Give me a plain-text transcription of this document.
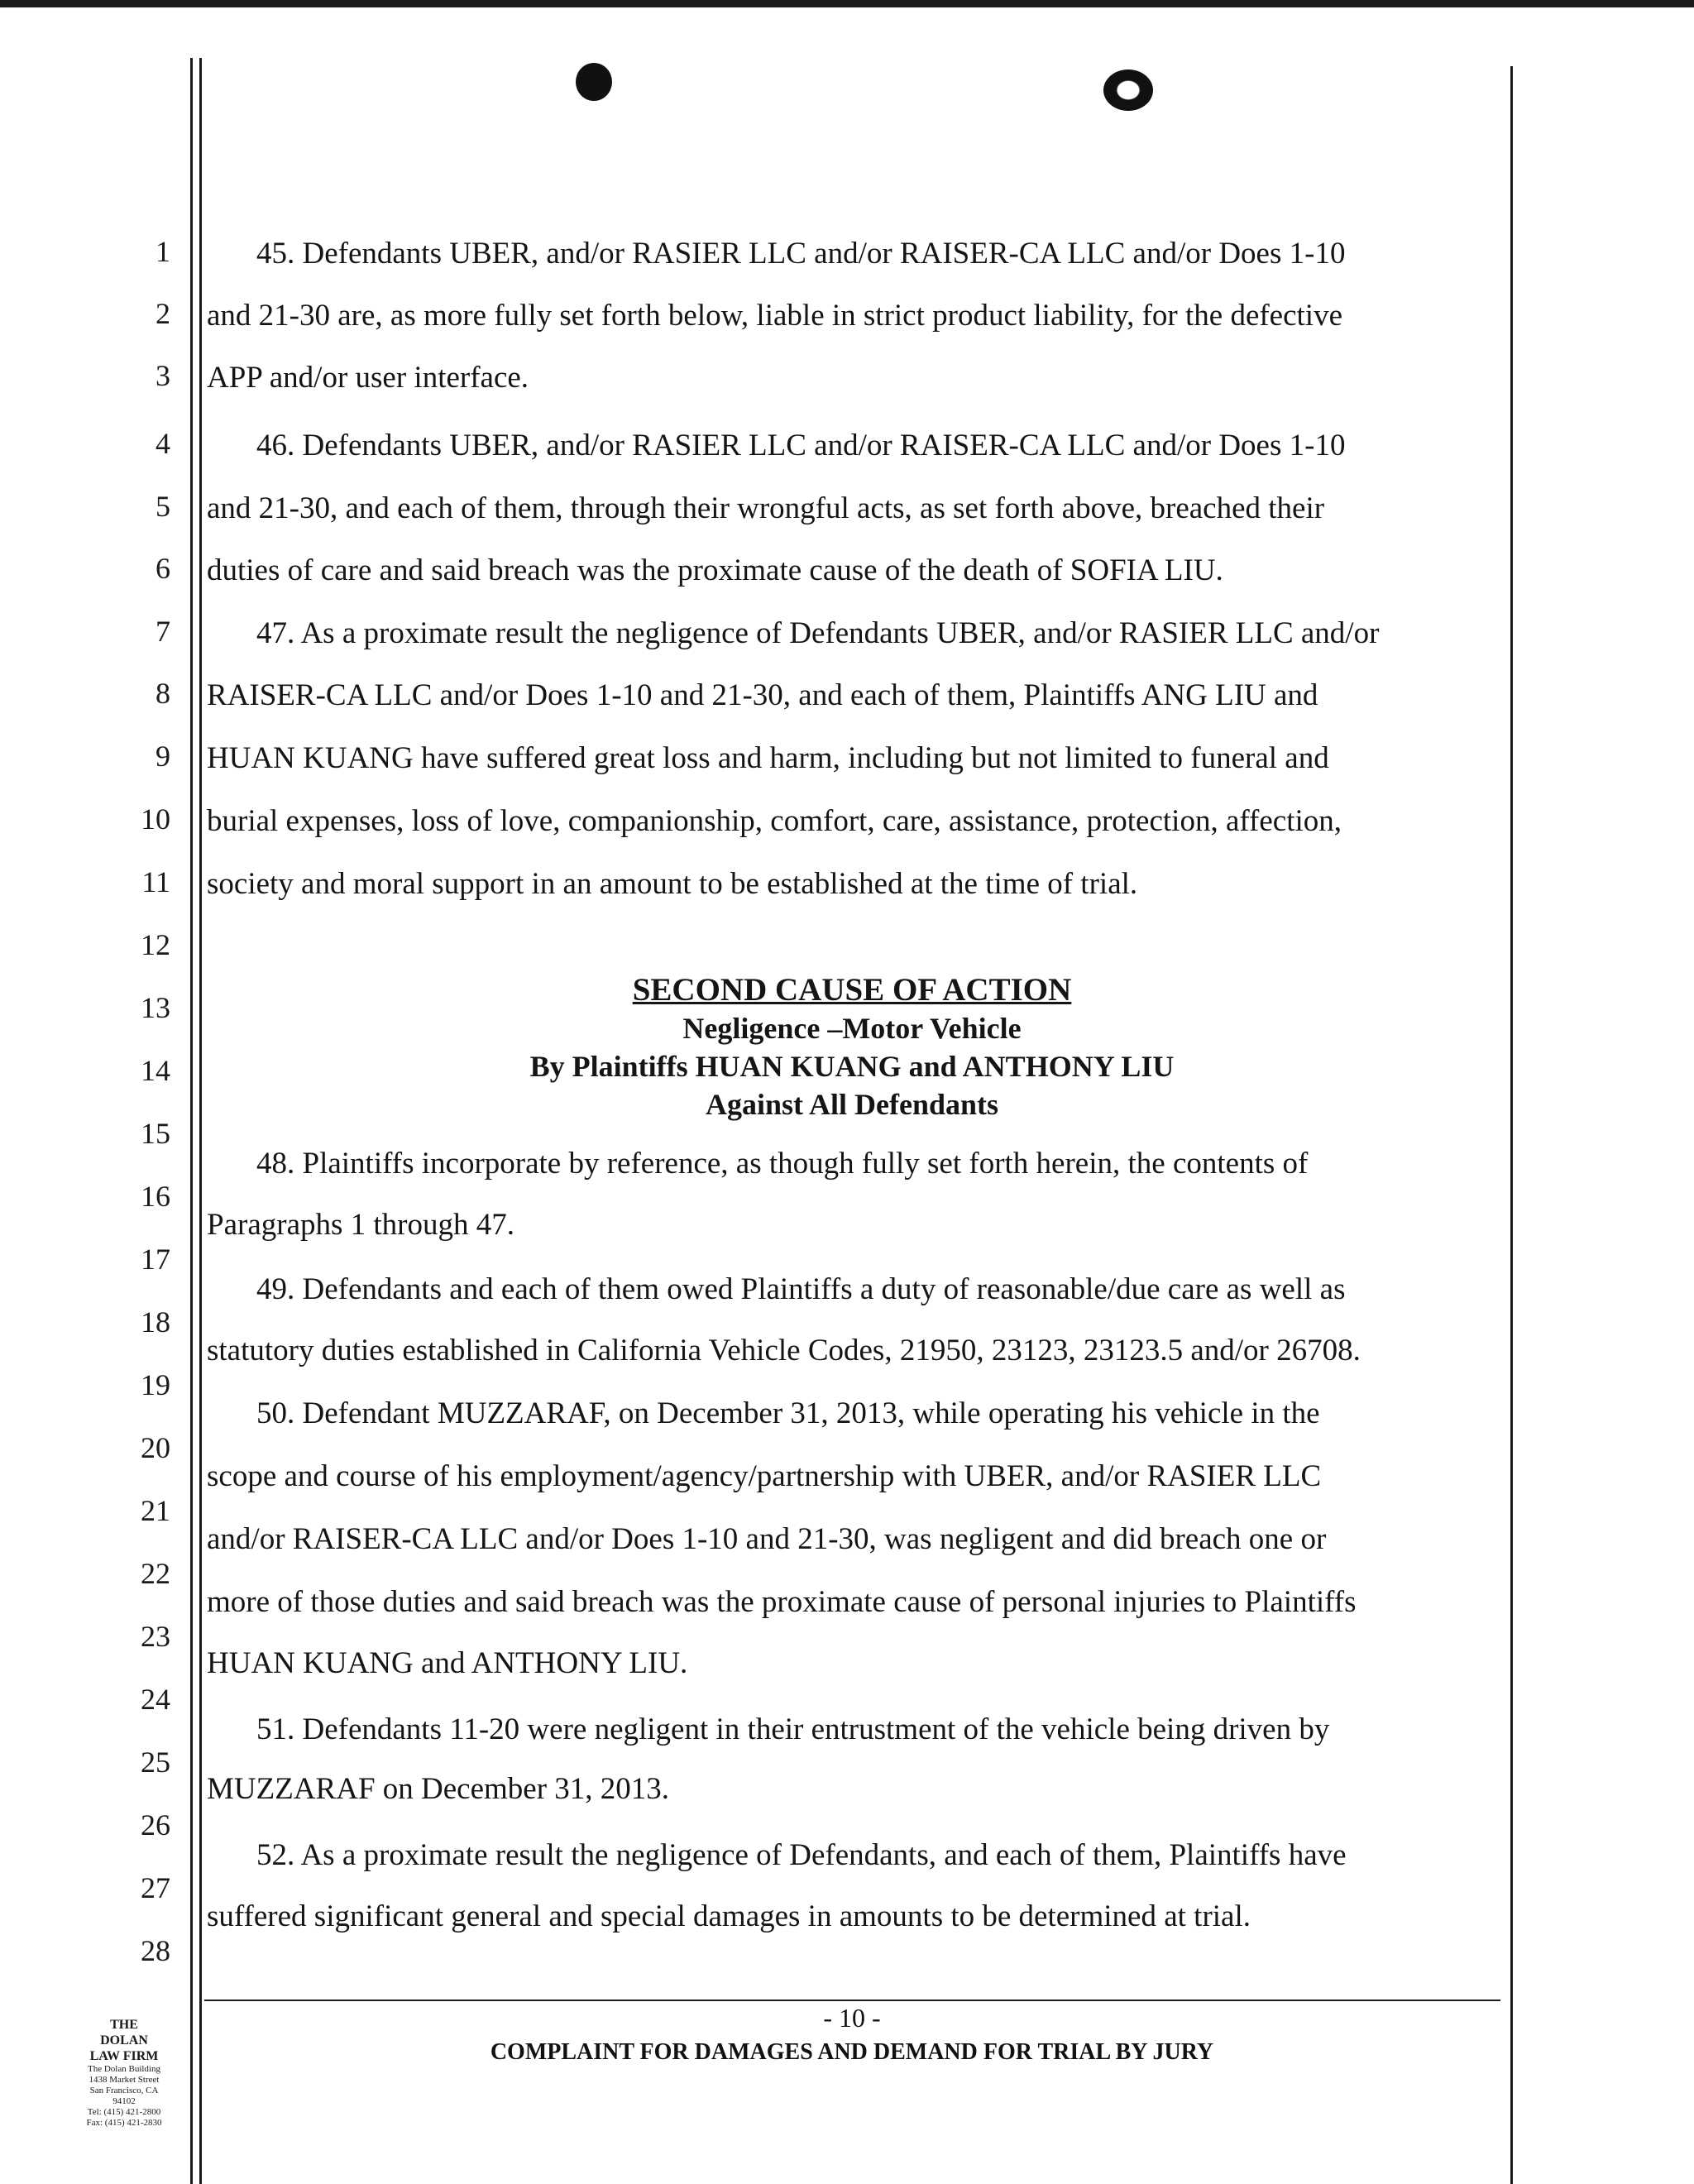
1
2
3
4
5
6
7
8
9
10
11
12
13
14
15
16
17
18
19
20
21
22
23
24
25
26
27
28
45. Defendants UBER, and/or RASIER LLC and/or RAISER-CA LLC and/or Does 1-10
and 21-30 are, as more fully set forth below, liable in strict product liability, for the defective
APP and/or user interface.
46. Defendants UBER, and/or RASIER LLC and/or RAISER-CA LLC and/or Does 1-10
and 21-30, and each of them, through their wrongful acts, as set forth above, breached their
duties of care and said breach was the proximate cause of the death of SOFIA LIU.
47. As a proximate result the negligence of Defendants UBER, and/or RASIER LLC and/or
RAISER-CA LLC and/or Does 1-10 and 21-30, and each of them, Plaintiffs ANG LIU and
HUAN KUANG have suffered great loss and harm, including but not limited to funeral and
burial expenses, loss of love, companionship, comfort, care, assistance, protection, affection,
society and moral support in an amount to be established at the time of trial.
SECOND CAUSE OF ACTION
Negligence –Motor Vehicle
By Plaintiffs HUAN KUANG and ANTHONY LIU
Against All Defendants
48. Plaintiffs incorporate by reference, as though fully set forth herein, the contents of
Paragraphs 1 through 47.
49. Defendants and each of them owed Plaintiffs a duty of reasonable/due care as well as
statutory duties established in California Vehicle Codes, 21950, 23123, 23123.5 and/or 26708.
50. Defendant MUZZARAF, on December 31, 2013, while operating his vehicle in the
scope and course of his employment/agency/partnership with UBER, and/or RASIER LLC
and/or RAISER-CA LLC and/or Does 1-10 and 21-30, was negligent and did breach one or
more of those duties and said breach was the proximate cause of personal injuries to Plaintiffs
HUAN KUANG and ANTHONY LIU.
51. Defendants 11-20 were negligent in their entrustment of the vehicle being driven by
MUZZARAF on December 31, 2013.
52. As a proximate result the negligence of Defendants, and each of them, Plaintiffs have
suffered significant general and special damages in amounts to be determined at trial.
THE
DOLAN
LAW FIRM
The Dolan Building
1438 Market Street
San Francisco, CA
94102
Tel: (415) 421-2800
Fax: (415) 421-2830
- 10 -
COMPLAINT FOR DAMAGES AND DEMAND FOR TRIAL BY JURY
